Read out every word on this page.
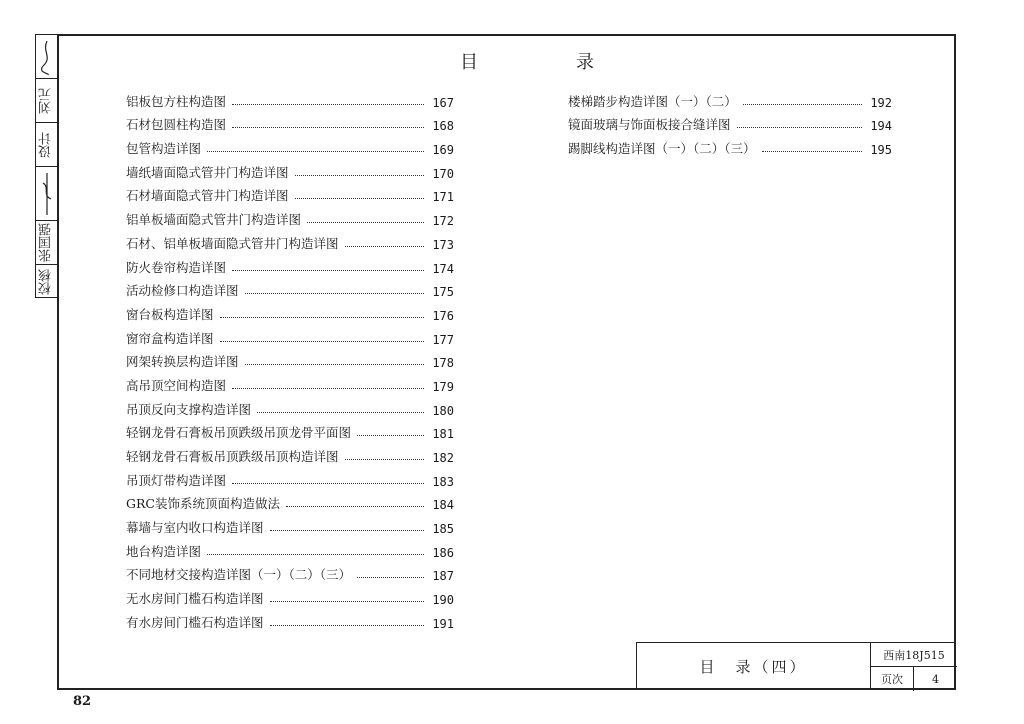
刘元
设计
张国强
校核
目　录
铝板包方柱构造图	167
石材包圆柱构造图	168
包管构造详图	169
墙纸墙面隐式管井门构造详图	170
石材墙面隐式管井门构造详图	171
铝单板墙面隐式管井门构造详图	172
石材、铝单板墙面隐式管井门构造详图	173
防火卷帘构造详图	174
活动检修口构造详图	175
窗台板构造详图	176
窗帘盒构造详图	177
网架转换层构造详图	178
高吊顶空间构造图	179
吊顶反向支撑构造详图	180
轻钢龙骨石膏板吊顶跌级吊顶龙骨平面图	181
轻钢龙骨石膏板吊顶跌级吊顶构造详图	182
吊顶灯带构造详图	183
GRC装饰系统顶面构造做法	184
幕墙与室内收口构造详图	185
地台构造详图	186
不同地材交接构造详图（一）（二）（三）	187
无水房间门槛石构造详图	190
有水房间门槛石构造详图	191
楼梯踏步构造详图（一）（二）	192
镜面玻璃与饰面板接合缝详图	194
踢脚线构造详图（一）（二）（三）	195
目　录（四）
西南18J515
页次	4
82
